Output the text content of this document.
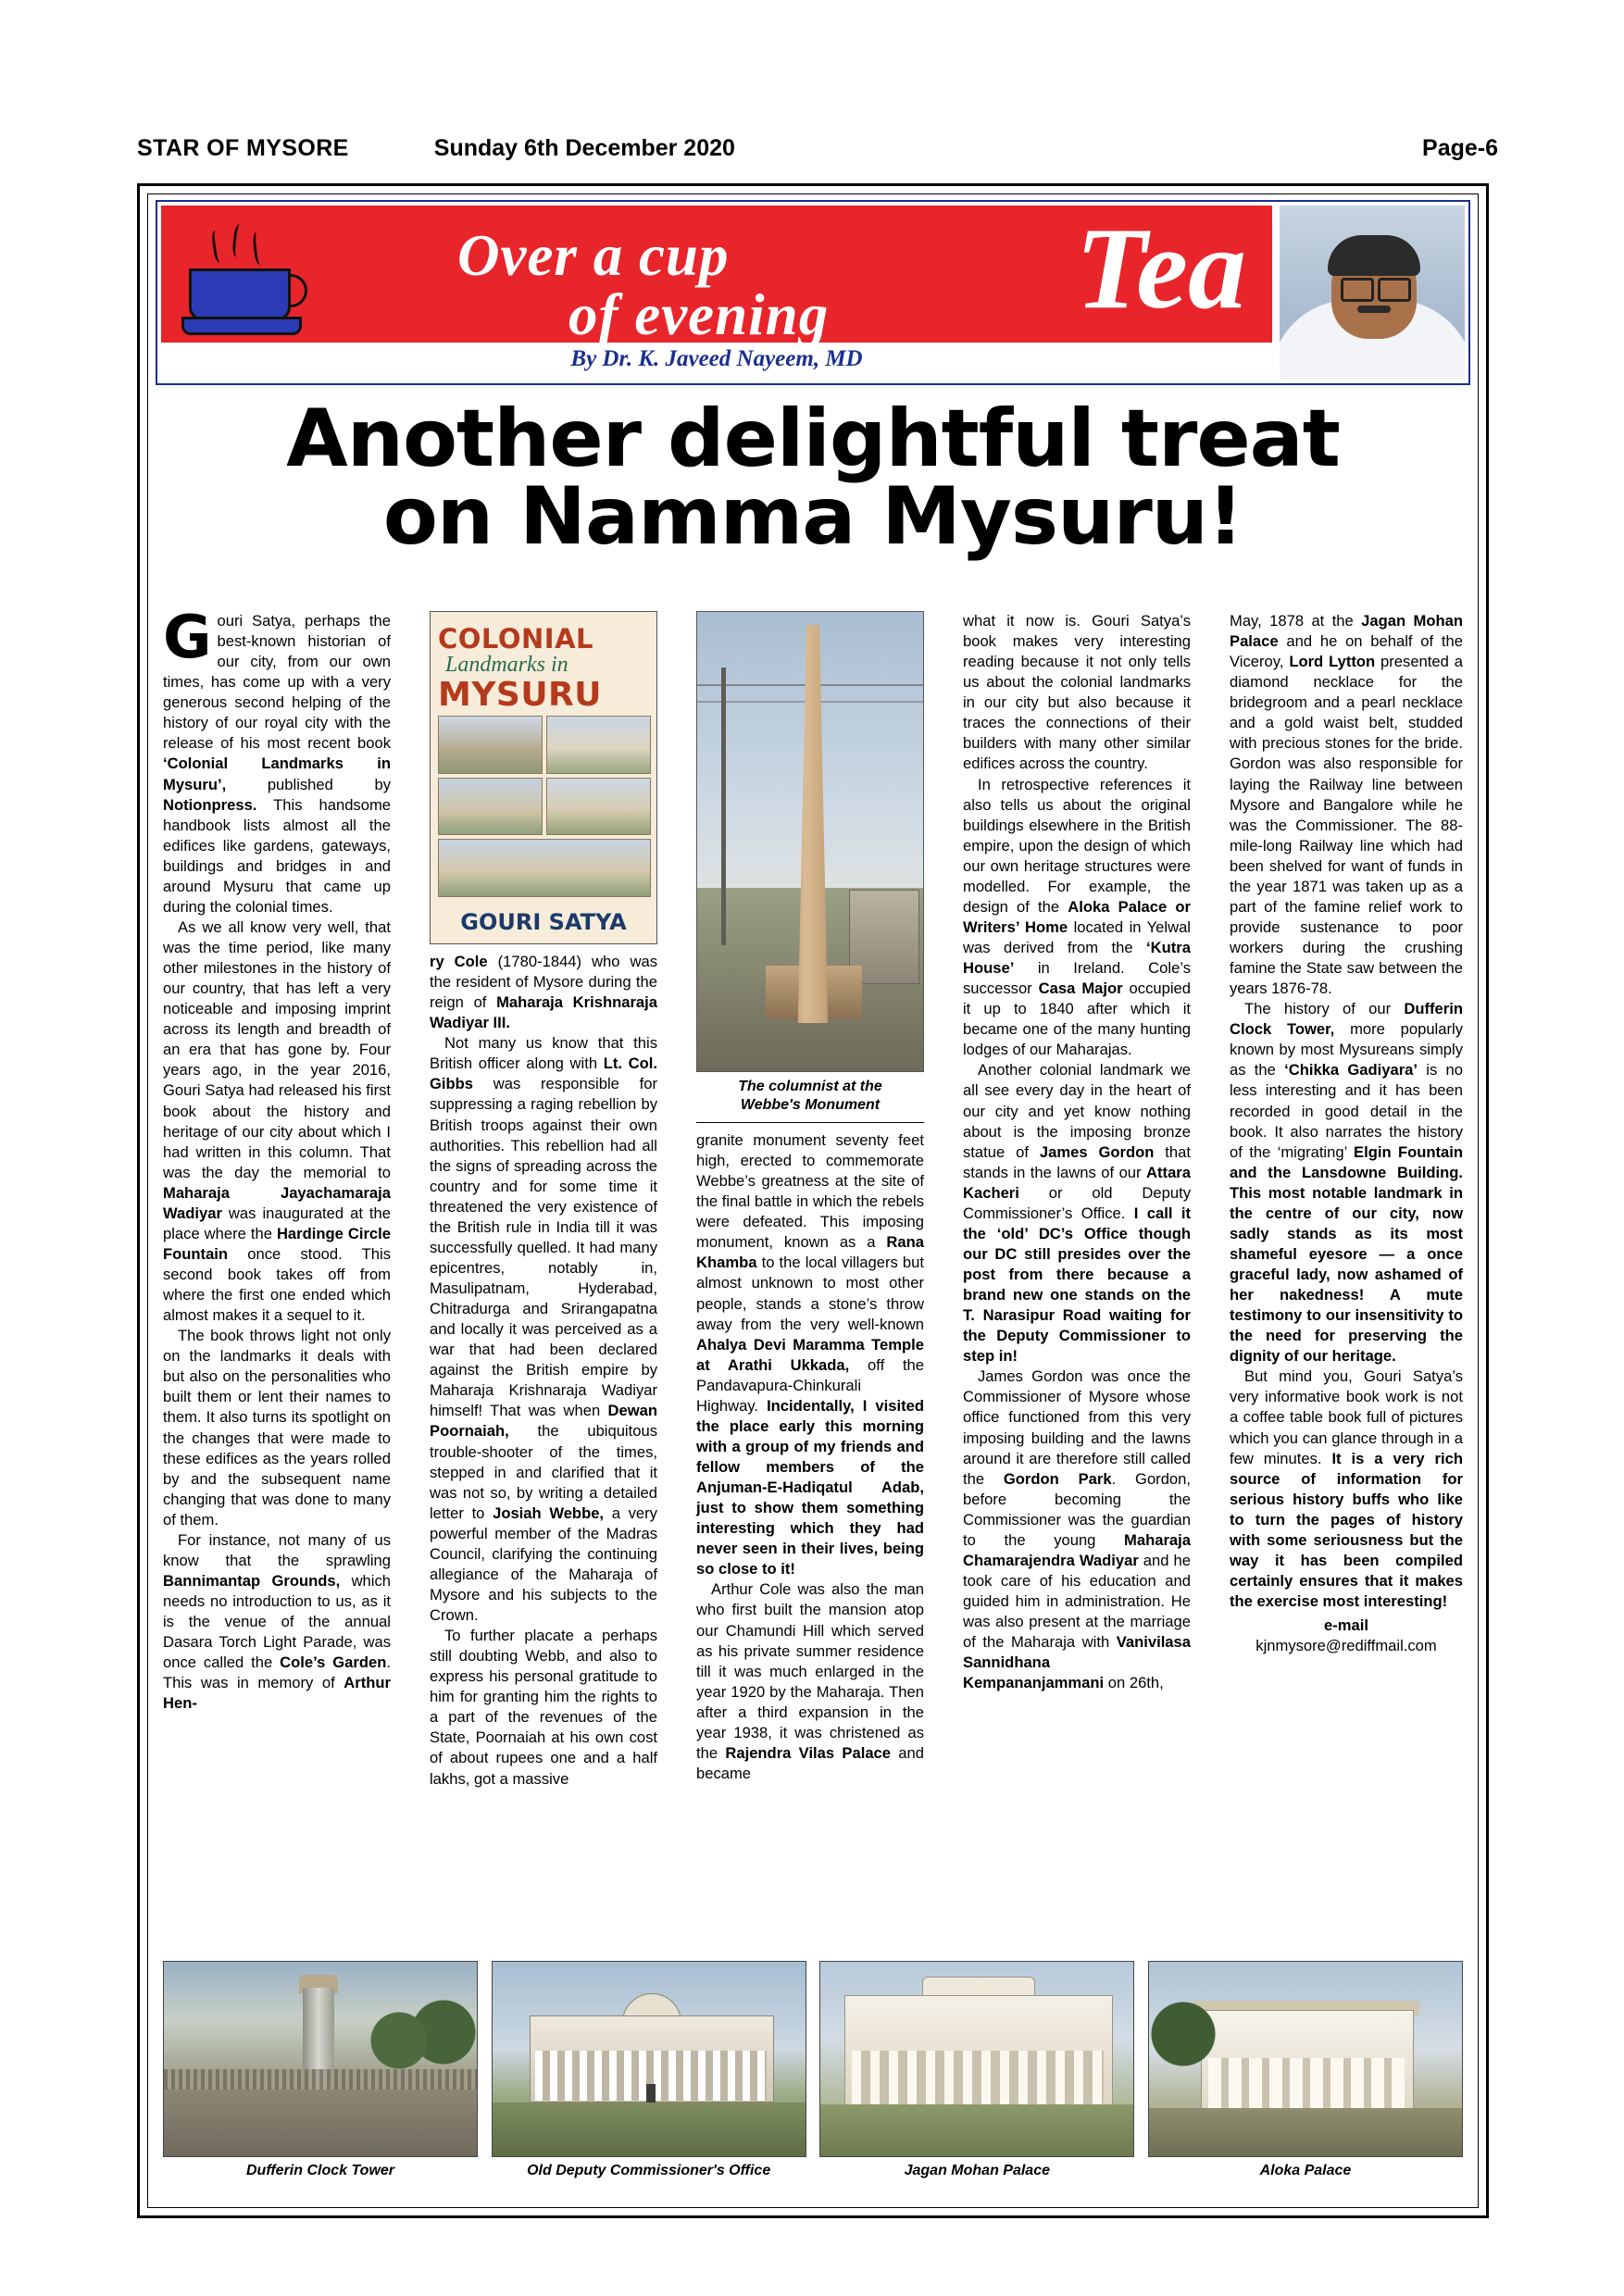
STAR OF MYSORE	Sunday 6th December 2020	Page-6
Over a cup
of evening Tea
By Dr. K. Javeed Nayeem, MD
Another delightful treat
on Namma Mysuru!

Gouri Satya, perhaps the best-known historian of our city, from our own times, has come up with a very generous second helping of the history of our royal city with the release of his most recent book ‘Colonial Landmarks in Mysuru’, published by Notionpress. This handsome handbook lists almost all the edifices like gardens, gateways, buildings and bridges in and around Mysuru that came up during the colonial times.

As we all know very well, that was the time period, like many other milestones in the history of our country, that has left a very noticeable and imposing imprint across its length and breadth of an era that has gone by. Four years ago, in the year 2016, Gouri Satya had released his first book about the history and heritage of our city about which I had written in this column. That was the day the memorial to Maharaja Jayachamaraja Wadiyar was inaugurated at the place where the Hardinge Circle Fountain once stood. This second book takes off from where the first one ended which almost makes it a sequel to it.

The book throws light not only on the landmarks it deals with but also on the personalities who built them or lent their names to them. It also turns its spotlight on the changes that were made to these edifices as the years rolled by and the subsequent name changing that was done to many of them.

For instance, not many of us know that the sprawling Bannimantap Grounds, which needs no introduction to us, as it is the venue of the annual Dasara Torch Light Parade, was once called the Cole’s Garden. This was in memory of Arthur Hen-

COLONIAL
Landmarks in
MYSURU
GOURI SATYA

ry Cole (1780-1844) who was the resident of Mysore during the reign of Maharaja Krishnaraja Wadiyar III.

Not many us know that this British officer along with Lt. Col. Gibbs was responsible for suppressing a raging rebellion by British troops against their own authorities. This rebellion had all the signs of spreading across the country and for some time it threatened the very existence of the British rule in India till it was successfully quelled. It had many epicentres, notably in, Masulipatnam, Hyderabad, Chitradurga and Srirangapatna and locally it was perceived as a war that had been declared against the British empire by Maharaja Krishnaraja Wadiyar himself! That was when Dewan Poornaiah, the ubiquitous trouble-shooter of the times, stepped in and clarified that it was not so, by writing a detailed letter to Josiah Webbe, a very powerful member of the Madras Council, clarifying the continuing allegiance of the Maharaja of Mysore and his subjects to the Crown.

To further placate a perhaps still doubting Webb, and also to express his personal gratitude to him for granting him the rights to a part of the revenues of the State, Poornaiah at his own cost of about rupees one and a half lakhs, got a massive

The columnist at the
Webbe's Monument

granite monument seventy feet high, erected to commemorate Webbe’s greatness at the site of the final battle in which the rebels were defeated. This imposing monument, known as a Rana Khamba to the local villagers but almost unknown to most other people, stands a stone’s throw away from the very well-known Ahalya Devi Maramma Temple at Arathi Ukkada, off the Pandavapura-Chinkurali Highway. Incidentally, I visited the place early this morning with a group of my friends and fellow members of the Anjuman-E-Hadiqatul Adab, just to show them something interesting which they had never seen in their lives, being so close to it!

Arthur Cole was also the man who first built the mansion atop our Chamundi Hill which served as his private summer residence till it was much enlarged in the year 1920 by the Maharaja. Then after a third expansion in the year 1938, it was christened as the Rajendra Vilas Palace and became

what it now is. Gouri Satya’s book makes very interesting reading because it not only tells us about the colonial landmarks in our city but also because it traces the connections of their builders with many other similar edifices across the country.

In retrospective references it also tells us about the original buildings elsewhere in the British empire, upon the design of which our own heritage structures were modelled. For example, the design of the Aloka Palace or Writers’ Home located in Yelwal was derived from the ‘Kutra House’ in Ireland. Cole’s successor Casa Major occupied it up to 1840 after which it became one of the many hunting lodges of our Maharajas.

Another colonial landmark we all see every day in the heart of our city and yet know nothing about is the imposing bronze statue of James Gordon that stands in the lawns of our Attara Kacheri or old Deputy Commissioner’s Office. I call it the ‘old’ DC’s Office though our DC still presides over the post from there because a brand new one stands on the T. Narasipur Road waiting for the Deputy Commissioner to step in!

James Gordon was once the Commissioner of Mysore whose office functioned from this very imposing building and the lawns around it are therefore still called the Gordon Park. Gordon, before becoming the Commissioner was the guardian to the young Maharaja Chamarajendra Wadiyar and he took care of his education and guided him in administration. He was also present at the marriage of the Maharaja with Vanivilasa Sannidhana Kempananjammani on 26th,

May, 1878 at the Jagan Mohan Palace and he on behalf of the Viceroy, Lord Lytton presented a diamond necklace for the bridegroom and a pearl necklace and a gold waist belt, studded with precious stones for the bride. Gordon was also responsible for laying the Railway line between Mysore and Bangalore while he was the Commissioner. The 88-mile-long Railway line which had been shelved for want of funds in the year 1871 was taken up as a part of the famine relief work to provide sustenance to poor workers during the crushing famine the State saw between the years 1876-78.

The history of our Dufferin Clock Tower, more popularly known by most Mysureans simply as the ‘Chikka Gadiyara’ is no less interesting and it has been recorded in good detail in the book. It also narrates the history of the ‘migrating’ Elgin Fountain and the Lansdowne Building. This most notable landmark in the centre of our city, now sadly stands as its most shameful eyesore — a once graceful lady, now ashamed of her nakedness! A mute testimony to our insensitivity to the need for preserving the dignity of our heritage.

But mind you, Gouri Satya’s very informative book work is not a coffee table book full of pictures which you can glance through in a few minutes. It is a very rich source of information for serious history buffs who like to turn the pages of history with some seriousness but the way it has been compiled certainly ensures that it makes the exercise most interesting!

e-mail
kjnmysore@rediffmail.com
Dufferin Clock Tower	Old Deputy Commissioner's Office	Jagan Mohan Palace	Aloka Palace
